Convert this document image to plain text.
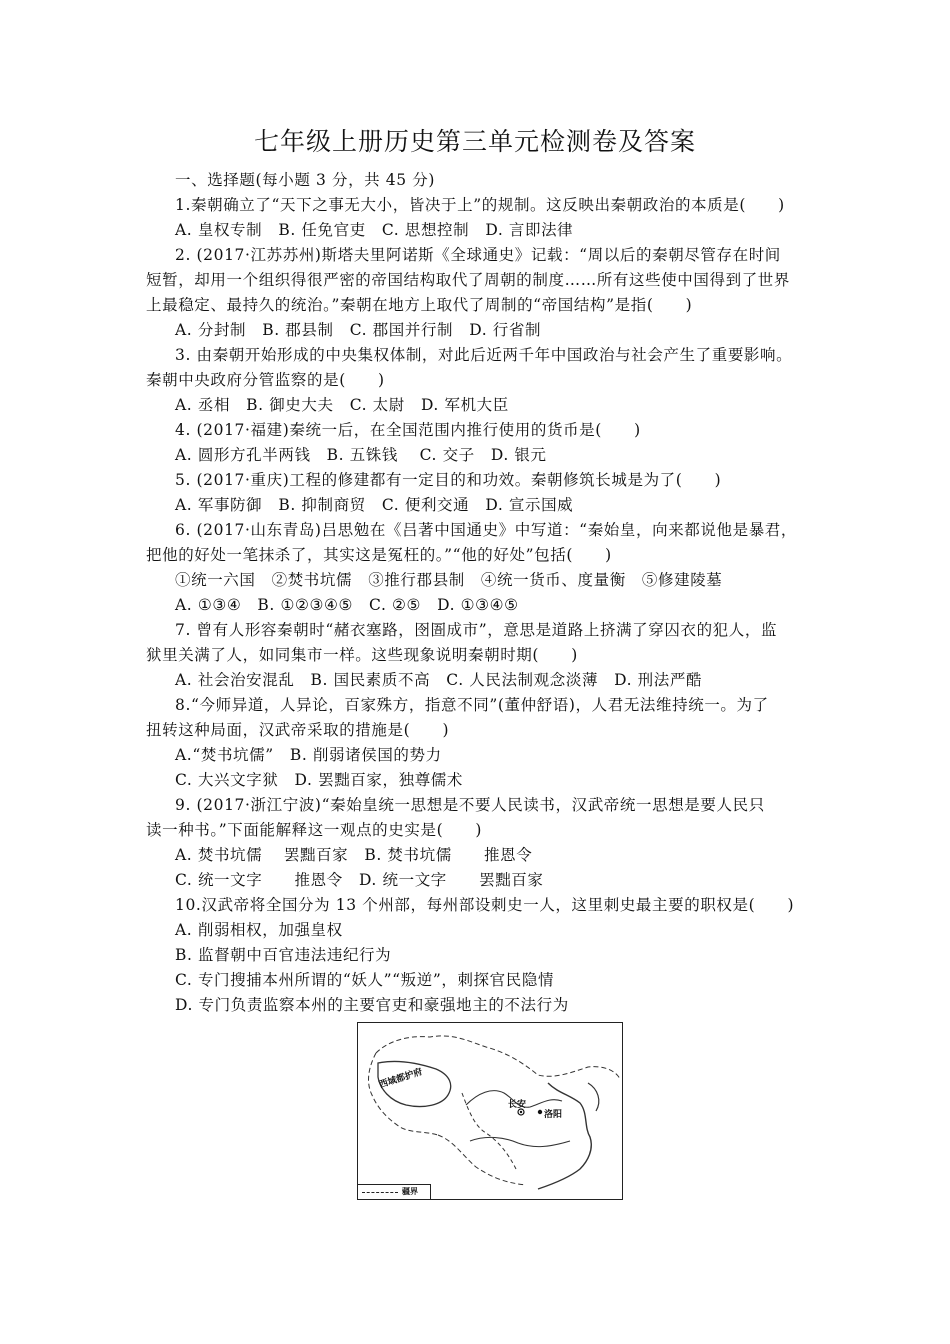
七年级上册历史第三单元检测卷及答案
一、选择题(每小题 3 分，共 45 分)
1.秦朝确立了“天下之事无大小，皆决于上”的规制。这反映出秦朝政治的本质是(　　)
A. 皇权专制　B. 任免官吏　C. 思想控制　D. 言即法律
2. (2017·江苏苏州)斯塔夫里阿诺斯《全球通史》记载：“周以后的秦朝尽管存在时间
短暂，却用一个组织得很严密的帝国结构取代了周朝的制度……所有这些使中国得到了世界
上最稳定、最持久的统治。”秦朝在地方上取代了周制的“帝国结构”是指(　　)
A. 分封制　B. 郡县制　C. 郡国并行制　D. 行省制
3. 由秦朝开始形成的中央集权体制，对此后近两千年中国政治与社会产生了重要影响。
秦朝中央政府分管监察的是(　　)
A. 丞相　B. 御史大夫　C. 太尉　D. 军机大臣
4. (2017·福建)秦统一后，在全国范围内推行使用的货币是(　　)
A. 圆形方孔半两钱　B. 五铢钱　 C. 交子　D. 银元
5. (2017·重庆)工程的修建都有一定目的和功效。秦朝修筑长城是为了(　　)
A. 军事防御　B. 抑制商贸　C. 便利交通　D. 宣示国威
6. (2017·山东青岛)吕思勉在《吕著中国通史》中写道：“秦始皇，向来都说他是暴君，
把他的好处一笔抹杀了，其实这是冤枉的。”“他的好处”包括(　　)
①统一六国　②焚书坑儒　③推行郡县制　④统一货币、度量衡　⑤修建陵墓
A. ①③④　B. ①②③④⑤　C. ②⑤　D. ①③④⑤
7. 曾有人形容秦朝时“赭衣塞路，囹圄成市”，意思是道路上挤满了穿囚衣的犯人，监
狱里关满了人，如同集市一样。这些现象说明秦朝时期(　　)
A. 社会治安混乱　B. 国民素质不高　C. 人民法制观念淡薄　D. 刑法严酷
8.“今师异道，人异论，百家殊方，指意不同”(董仲舒语)，人君无法维持统一。为了
扭转这种局面，汉武帝采取的措施是(　　)
A.“焚书坑儒”　B. 削弱诸侯国的势力
C. 大兴文字狱　D. 罢黜百家，独尊儒术
9. (2017·浙江宁波)“秦始皇统一思想是不要人民读书，汉武帝统一思想是要人民只
读一种书。”下面能解释这一观点的史实是(　　)
A. 焚书坑儒　 罢黜百家　B. 焚书坑儒　　推恩令
C. 统一文字　　推恩令　D. 统一文字　　罢黜百家
10.汉武帝将全国分为 13 个州部，每州部设刺史一人，这里刺史最主要的职权是(　　)
A. 削弱相权，加强皇权
B. 监督朝中百官违法违纪行为
C. 专门搜捕本州所谓的“妖人”“叛逆”，刺探官民隐情
D. 专门负责监察本州的主要官吏和豪强地主的不法行为
西域都护府
长安
洛阳
疆界
